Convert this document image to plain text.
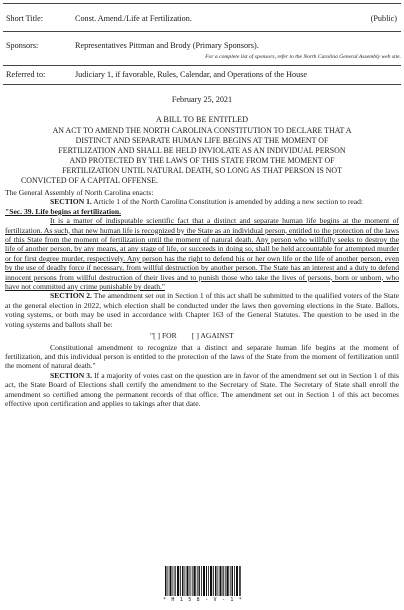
Short Title:	Const. Amend./Life at Fertilization.	(Public)
Sponsors:	Representatives Pittman and Brody (Primary Sponsors).
For a complete list of sponsors, refer to the North Carolina General Assembly web site.
Referred to:	Judiciary 1, if favorable, Rules, Calendar, and Operations of the House
February 25, 2021
A BILL TO BE ENTITLED
AN ACT TO AMEND THE NORTH CAROLINA CONSTITUTION TO DECLARE THAT A
DISTINCT AND SEPARATE HUMAN LIFE BEGINS AT THE MOMENT OF
FERTILIZATION AND SHALL BE HELD INVIOLATE AS AN INDIVIDUAL PERSON
AND PROTECTED BY THE LAWS OF THIS STATE FROM THE MOMENT OF
FERTILIZATION UNTIL NATURAL DEATH, SO LONG AS THAT PERSON IS NOT
CONVICTED OF A CAPITAL OFFENSE.

The General Assembly of North Carolina enacts:

SECTION 1. Article 1 of the North Carolina Constitution is amended by adding a new section to read:

"Sec. 39. Life begins at fertilization.

It is a matter of indisputable scientific fact that a distinct and separate human life begins at the moment of fertilization. As such, that new human life is recognized by the State as an individual person, entitled to the protection of the laws of this State from the moment of fertilization until the moment of natural death. Any person who willfully seeks to destroy the life of another person, by any means, at any stage of life, or succeeds in doing so, shall be held accountable for attempted murder or for first degree murder, respectively. Any person has the right to defend his or her own life or the life of another person, even by the use of deadly force if necessary, from willful destruction by another person. The State has an interest and a duty to defend innocent persons from willful destruction of their lives and to punish those who take the lives of persons, born or unborn, who have not committed any crime punishable by death."

SECTION 2. The amendment set out in Section 1 of this act shall be submitted to the qualified voters of the State at the general election in 2022, which election shall be conducted under the laws then governing elections in the State. Ballots, voting systems, or both may be used in accordance with Chapter 163 of the General Statutes. The question to be used in the voting systems and ballots shall be:

"[ ] FOR        [ ] AGAINST

Constitutional amendment to recognize that a distinct and separate human life begins at the moment of fertilization, and this individual person is entitled to the protection of the laws of the State from the moment of fertilization until the moment of natural death."

SECTION 3. If a majority of votes cast on the question are in favor of the amendment set out in Section 1 of this act, the State Board of Elections shall certify the amendment to the Secretary of State. The Secretary of State shall enroll the amendment so certified among the permanent records of that office. The amendment set out in Section 1 of this act becomes effective upon certification and applies to takings after that date.

* H 1 5 8 - V - 1 *
